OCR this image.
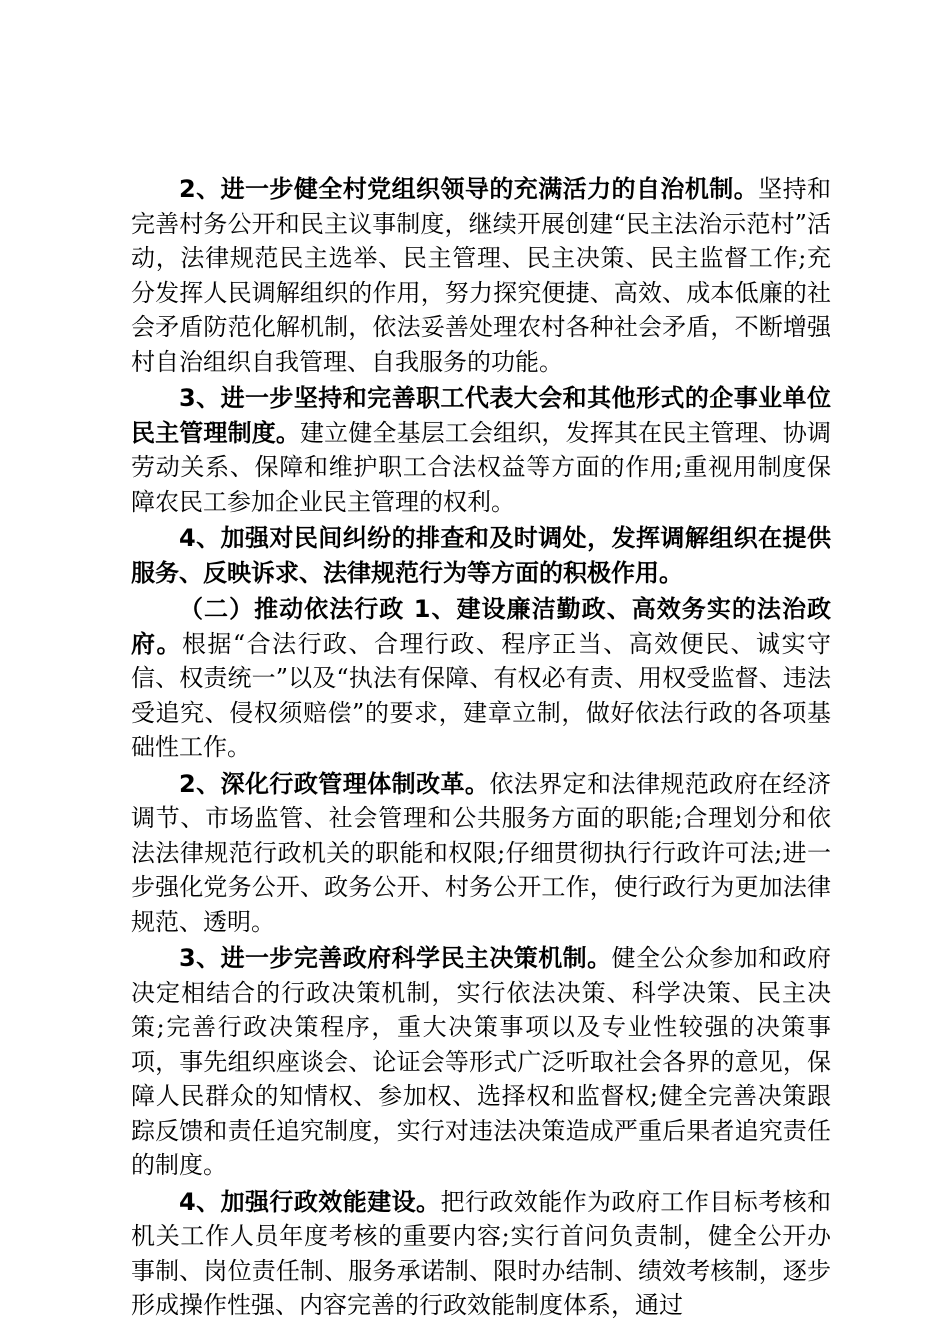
2、进一步健全村党组织领导的充满活力的自治机制。坚持和完善村务公开和民主议事制度，继续开展创建“民主法治示范村”活动，法律规范民主选举、民主管理、民主决策、民主监督工作;充分发挥人民调解组织的作用，努力探究便捷、高效、成本低廉的社会矛盾防范化解机制，依法妥善处理农村各种社会矛盾，不断增强村自治组织自我管理、自我服务的功能。

3、进一步坚持和完善职工代表大会和其他形式的企事业单位民主管理制度。建立健全基层工会组织，发挥其在民主管理、协调劳动关系、保障和维护职工合法权益等方面的作用;重视用制度保障农民工参加企业民主管理的权利。

4、加强对民间纠纷的排查和及时调处，发挥调解组织在提供服务、反映诉求、法律规范行为等方面的积极作用。

（二）推动依法行政 1、建设廉洁勤政、高效务实的法治政府。根据“合法行政、合理行政、程序正当、高效便民、诚实守信、权责统一”以及“执法有保障、有权必有责、用权受监督、违法受追究、侵权须赔偿”的要求，建章立制，做好依法行政的各项基础性工作。

2、深化行政管理体制改革。依法界定和法律规范政府在经济调节、市场监管、社会管理和公共服务方面的职能;合理划分和依法法律规范行政机关的职能和权限;仔细贯彻执行行政许可法;进一步强化党务公开、政务公开、村务公开工作，使行政行为更加法律规范、透明。

3、进一步完善政府科学民主决策机制。健全公众参加和政府决定相结合的行政决策机制，实行依法决策、科学决策、民主决策;完善行政决策程序，重大决策事项以及专业性较强的决策事项，事先组织座谈会、论证会等形式广泛听取社会各界的意见，保障人民群众的知情权、参加权、选择权和监督权;健全完善决策跟踪反馈和责任追究制度，实行对违法决策造成严重后果者追究责任的制度。

4、加强行政效能建设。把行政效能作为政府工作目标考核和机关工作人员年度考核的重要内容;实行首问负责制，健全公开办事制、岗位责任制、服务承诺制、限时办结制、绩效考核制，逐步形成操作性强、内容完善的行政效能制度体系，通过
